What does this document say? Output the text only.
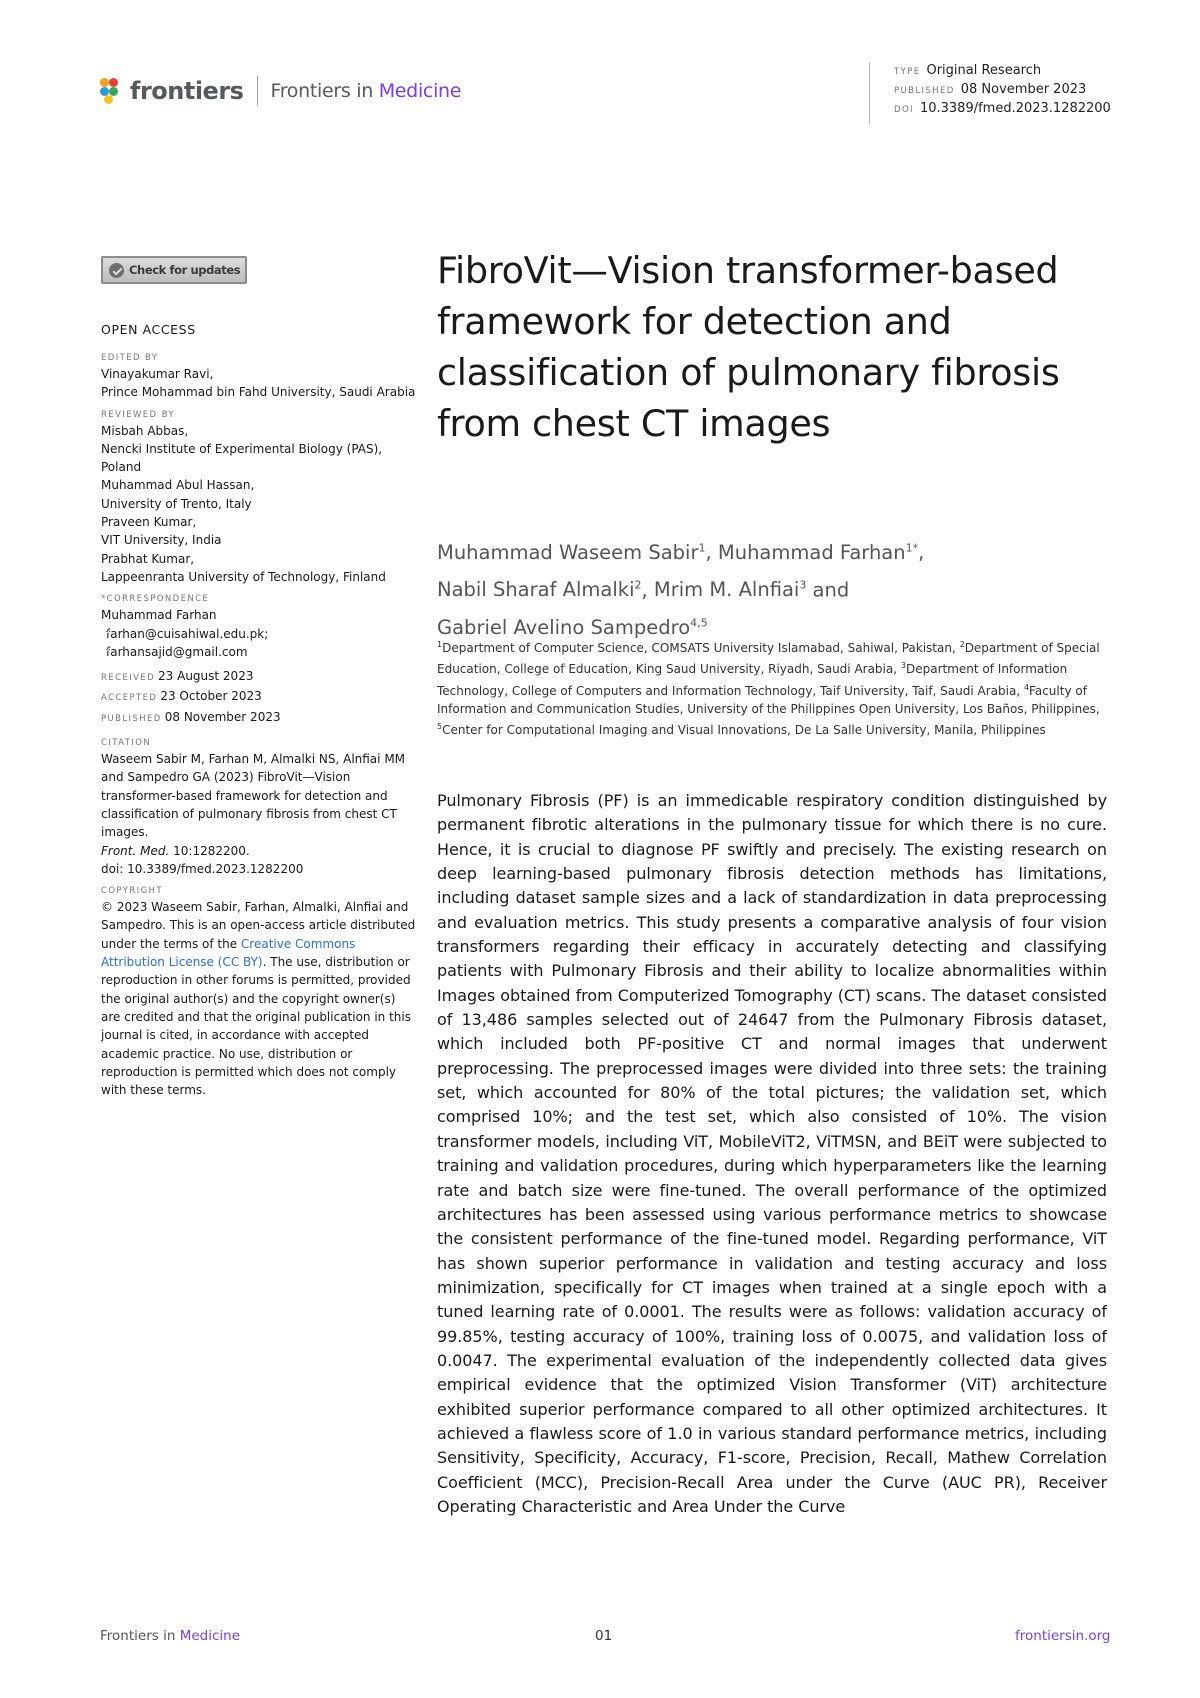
frontiers Frontiers in Medicine
TYPE Original Research
PUBLISHED 08 November 2023
DOI 10.3389/fmed.2023.1282200
Check for updates
OPEN ACCESS
EDITED BY
Vinayakumar Ravi,
Prince Mohammad bin Fahd University, Saudi Arabia
REVIEWED BY
Misbah Abbas,
Nencki Institute of Experimental Biology (PAS), Poland
Muhammad Abul Hassan,
University of Trento, Italy
Praveen Kumar,
VIT University, India
Prabhat Kumar,
Lappeenranta University of Technology, Finland
*CORRESPONDENCE
Muhammad Farhan
farhan@cuisahiwal.edu.pk;
farhansajid@gmail.com
RECEIVED 23 August 2023
ACCEPTED 23 October 2023
PUBLISHED 08 November 2023
CITATION
Waseem Sabir M, Farhan M, Almalki NS, Alnfiai MM and Sampedro GA (2023) FibroVit—Vision transformer-based framework for detection and classification of pulmonary fibrosis from chest CT images.
Front. Med. 10:1282200.
doi: 10.3389/fmed.2023.1282200
COPYRIGHT
© 2023 Waseem Sabir, Farhan, Almalki, Alnfiai and Sampedro. This is an open-access article distributed under the terms of the Creative Commons Attribution License (CC BY). The use, distribution or reproduction in other forums is permitted, provided the original author(s) and the copyright owner(s) are credited and that the original publication in this journal is cited, in accordance with accepted academic practice. No use, distribution or reproduction is permitted which does not comply with these terms.
FibroVit—Vision transformer-based framework for detection and classification of pulmonary fibrosis from chest CT images
Muhammad Waseem Sabir$^1$, Muhammad Farhan$^{1*}$,
Nabil Sharaf Almalki$^2$, Mrim M. Alnfiai$^3$ and
Gabriel Avelino Sampedro$^{4,5}$
$^1$Department of Computer Science, COMSATS University Islamabad, Sahiwal, Pakistan, $^2$Department of Special Education, College of Education, King Saud University, Riyadh, Saudi Arabia, $^3$Department of Information Technology, College of Computers and Information Technology, Taif University, Taif, Saudi Arabia, $^4$Faculty of Information and Communication Studies, University of the Philippines Open University, Los Baños, Philippines, $^5$Center for Computational Imaging and Visual Innovations, De La Salle University, Manila, Philippines

Pulmonary Fibrosis (PF) is an immedicable respiratory condition distinguished by permanent fibrotic alterations in the pulmonary tissue for which there is no cure. Hence, it is crucial to diagnose PF swiftly and precisely. The existing research on deep learning-based pulmonary fibrosis detection methods has limitations, including dataset sample sizes and a lack of standardization in data preprocessing and evaluation metrics. This study presents a comparative analysis of four vision transformers regarding their efficacy in accurately detecting and classifying patients with Pulmonary Fibrosis and their ability to localize abnormalities within Images obtained from Computerized Tomography (CT) scans. The dataset consisted of 13,486 samples selected out of 24647 from the Pulmonary Fibrosis dataset, which included both PF-positive CT and normal images that underwent preprocessing. The preprocessed images were divided into three sets: the training set, which accounted for 80% of the total pictures; the validation set, which comprised 10%; and the test set, which also consisted of 10%. The vision transformer models, including ViT, MobileViT2, ViTMSN, and BEiT were subjected to training and validation procedures, during which hyperparameters like the learning rate and batch size were fine-tuned. The overall performance of the optimized architectures has been assessed using various performance metrics to showcase the consistent performance of the fine-tuned model. Regarding performance, ViT has shown superior performance in validation and testing accuracy and loss minimization, specifically for CT images when trained at a single epoch with a tuned learning rate of 0.0001. The results were as follows: validation accuracy of 99.85%, testing accuracy of 100%, training loss of 0.0075, and validation loss of 0.0047. The experimental evaluation of the independently collected data gives empirical evidence that the optimized Vision Transformer (ViT) architecture exhibited superior performance compared to all other optimized architectures. It achieved a flawless score of 1.0 in various standard performance metrics, including Sensitivity, Specificity, Accuracy, F1-score, Precision, Recall, Mathew Correlation Coefficient (MCC), Precision-Recall Area under the Curve (AUC PR), Receiver Operating Characteristic and Area Under the Curve

Frontiers in Medicine	01	frontiersin.org
